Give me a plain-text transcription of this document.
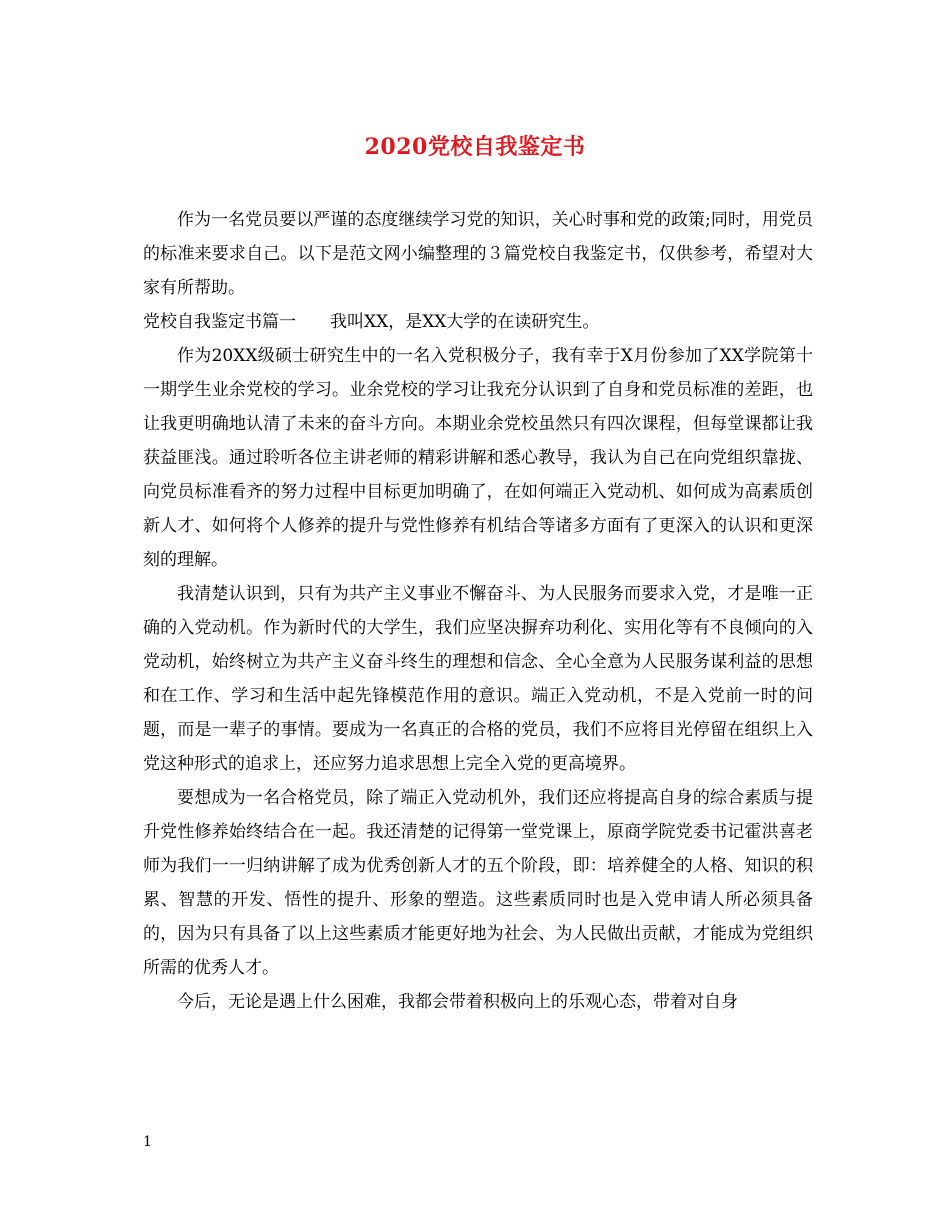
2020党校自我鉴定书

作为一名党员要以严谨的态度继续学习党的知识，关心时事和党的政策;同时，用党员的标准来要求自己。以下是范文网小编整理的３篇党校自我鉴定书，仅供参考，希望对大家有所帮助。

党校自我鉴定书篇一 我叫XX，是XX大学的在读研究生。

作为20XX级硕士研究生中的一名入党积极分子，我有幸于X月份参加了XX学院第十一期学生业余党校的学习。业余党校的学习让我充分认识到了自身和党员标准的差距，也让我更明确地认清了未来的奋斗方向。本期业余党校虽然只有四次课程，但每堂课都让我获益匪浅。通过聆听各位主讲老师的精彩讲解和悉心教导，我认为自己在向党组织靠拢、向党员标准看齐的努力过程中目标更加明确了，在如何端正入党动机、如何成为高素质创新人才、如何将个人修养的提升与党性修养有机结合等诸多方面有了更深入的认识和更深刻的理解。

我清楚认识到，只有为共产主义事业不懈奋斗、为人民服务而要求入党，才是唯一正确的入党动机。作为新时代的大学生，我们应坚决摒弃功利化、实用化等有不良倾向的入党动机，始终树立为共产主义奋斗终生的理想和信念、全心全意为人民服务谋利益的思想和在工作、学习和生活中起先锋模范作用的意识。端正入党动机，不是入党前一时的问题，而是一辈子的事情。要成为一名真正的合格的党员，我们不应将目光停留在组织上入党这种形式的追求上，还应努力追求思想上完全入党的更高境界。

要想成为一名合格党员，除了端正入党动机外，我们还应将提高自身的综合素质与提升党性修养始终结合在一起。我还清楚的记得第一堂党课上，原商学院党委书记霍洪喜老师为我们一一归纳讲解了成为优秀创新人才的五个阶段，即：培养健全的人格、知识的积累、智慧的开发、悟性的提升、形象的塑造。这些素质同时也是入党申请人所必须具备的，因为只有具备了以上这些素质才能更好地为社会、为人民做出贡献，才能成为党组织所需的优秀人才。

今后，无论是遇上什么困难，我都会带着积极向上的乐观心态，带着对自身

1
